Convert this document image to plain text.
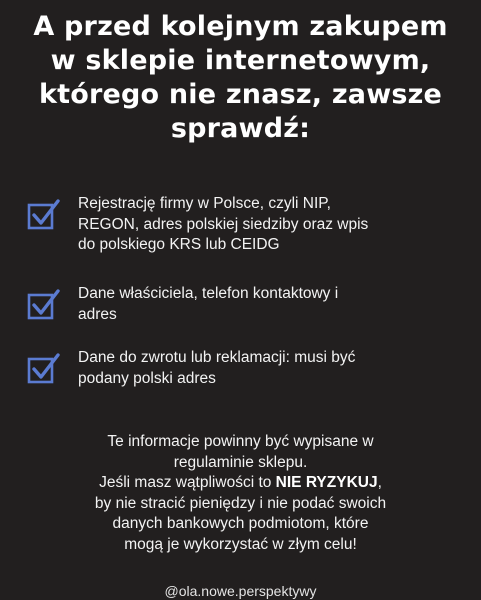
A przed kolejnym zakupem
w sklepie internetowym,
którego nie znasz, zawsze
sprawdź:
Rejestrację firmy w Polsce, czyli NIP,
REGON, adres polskiej siedziby oraz wpis
do polskiego KRS lub CEIDG
Dane właściciela, telefon kontaktowy i
adres
Dane do zwrotu lub reklamacji: musi być
podany polski adres
Te informacje powinny być wypisane w
regulaminie sklepu.
Jeśli masz wątpliwości to NIE RYZYKUJ,
by nie stracić pieniędzy i nie podać swoich
danych bankowych podmiotom, które
mogą je wykorzystać w złym celu!
@ola.nowe.perspektywy
